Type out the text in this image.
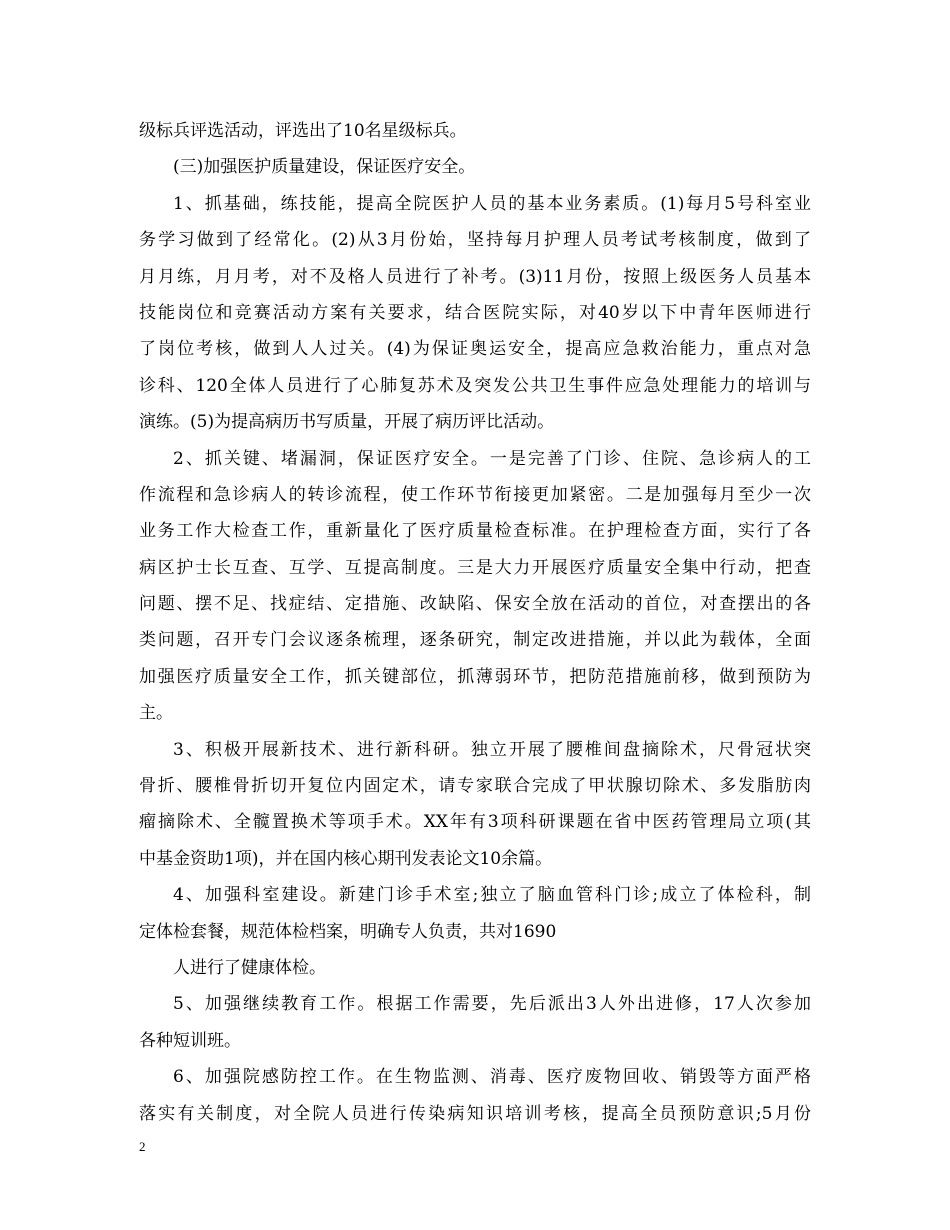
级标兵评选活动，评选出了10名星级标兵。
(三)加强医护质量建设，保证医疗安全。
1、抓基础，练技能，提高全院医护人员的基本业务素质。(1)每月5号科室业
务学习做到了经常化。(2)从3月份始，坚持每月护理人员考试考核制度，做到了
月月练，月月考，对不及格人员进行了补考。(3)11月份，按照上级医务人员基本
技能岗位和竞赛活动方案有关要求，结合医院实际，对40岁以下中青年医师进行
了岗位考核，做到人人过关。(4)为保证奥运安全，提高应急救治能力，重点对急
诊科、120全体人员进行了心肺复苏术及突发公共卫生事件应急处理能力的培训与
演练。(5)为提高病历书写质量，开展了病历评比活动。
2、抓关键、堵漏洞，保证医疗安全。一是完善了门诊、住院、急诊病人的工
作流程和急诊病人的转诊流程，使工作环节衔接更加紧密。二是加强每月至少一次
业务工作大检查工作，重新量化了医疗质量检查标准。在护理检查方面，实行了各
病区护士长互查、互学、互提高制度。三是大力开展医疗质量安全集中行动，把查
问题、摆不足、找症结、定措施、改缺陷、保安全放在活动的首位，对查摆出的各
类问题，召开专门会议逐条梳理，逐条研究，制定改进措施，并以此为载体，全面
加强医疗质量安全工作，抓关键部位，抓薄弱环节，把防范措施前移，做到预防为
主。
3、积极开展新技术、进行新科研。独立开展了腰椎间盘摘除术，尺骨冠状突
骨折、腰椎骨折切开复位内固定术，请专家联合完成了甲状腺切除术、多发脂肪肉
瘤摘除术、全髋置换术等项手术。XX年有3项科研课题在省中医药管理局立项(其
中基金资助1项)，并在国内核心期刊发表论文10余篇。
4、加强科室建设。新建门诊手术室;独立了脑血管科门诊;成立了体检科，制
定体检套餐，规范体检档案，明确专人负责，共对1690
人进行了健康体检。
5、加强继续教育工作。根据工作需要，先后派出3人外出进修，17人次参加
各种短训班。
6、加强院感防控工作。在生物监测、消毒、医疗废物回收、销毁等方面严格
落实有关制度，对全院人员进行传染病知识培训考核，提高全员预防意识;5月份
2
